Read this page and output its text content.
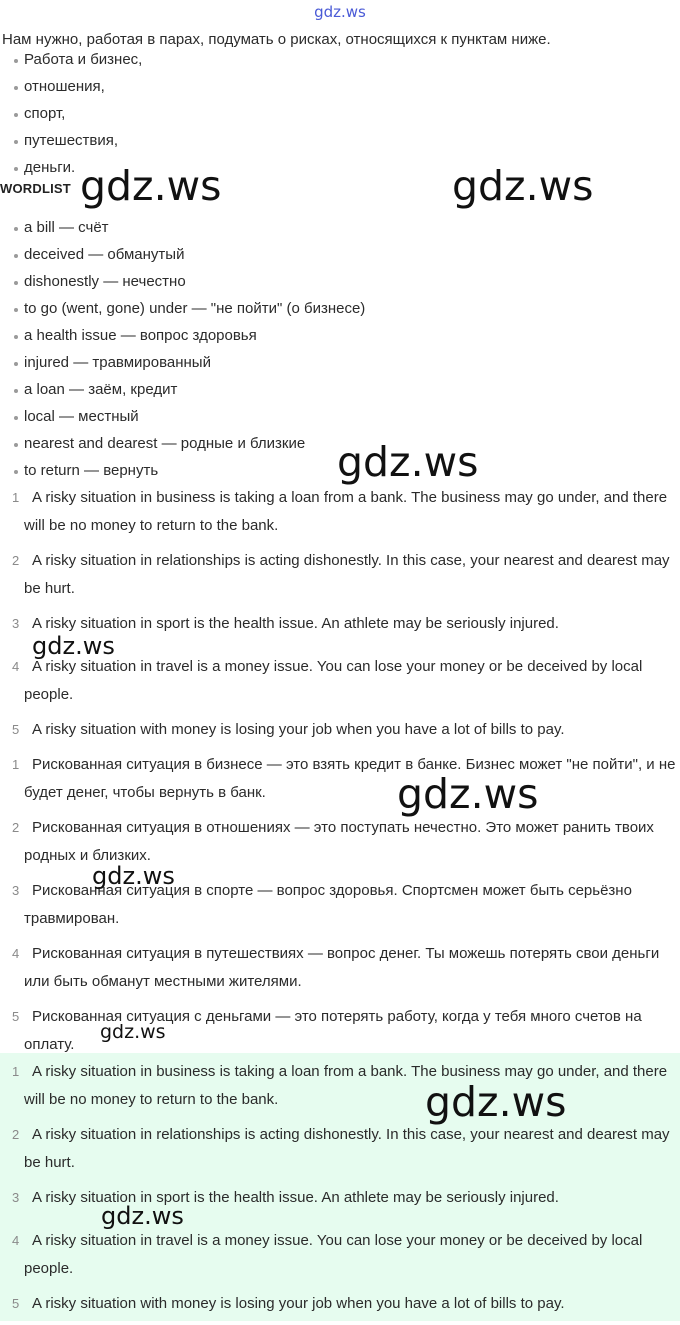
gdz.ws
Нам нужно, работая в парах, подумать о рисках, относящихся к пунктам ниже.
Работа и бизнес,
отношения,
спорт,
путешествия,
деньги.
WORDLIST
a bill — счёт
deceived — обманутый
dishonestly — нечестно
to go (went, gone) under — "не пойти" (о бизнесе)
a health issue — вопрос здоровья
injured — травмированный
a loan — заём, кредит
local — местный
nearest and dearest — родные и близкие
to return — вернуть
1 A risky situation in business is taking a loan from a bank. The business may go under, and there will be no money to return to the bank.
2 A risky situation in relationships is acting dishonestly. In this case, your nearest and dearest may be hurt.
3 A risky situation in sport is the health issue. An athlete may be seriously injured.
4 A risky situation in travel is a money issue. You can lose your money or be deceived by local people.
5 A risky situation with money is losing your job when you have a lot of bills to pay.
1 Рискованная ситуация в бизнесе — это взять кредит в банке. Бизнес может "не пойти", и не будет денег, чтобы вернуть в банк.
2 Рискованная ситуация в отношениях — это поступать нечестно. Это может ранить твоих родных и близких.
3 Рискованная ситуация в спорте — вопрос здоровья. Спортсмен может быть серьёзно травмирован.
4 Рискованная ситуация в путешествиях — вопрос денег. Ты можешь потерять свои деньги или быть обманут местными жителями.
5 Рискованная ситуация с деньгами — это потерять работу, когда у тебя много счетов на оплату.
1 A risky situation in business is taking a loan from a bank. The business may go under, and there will be no money to return to the bank.
2 A risky situation in relationships is acting dishonestly. In this case, your nearest and dearest may be hurt.
3 A risky situation in sport is the health issue. An athlete may be seriously injured.
4 A risky situation in travel is a money issue. You can lose your money or be deceived by local people.
5 A risky situation with money is losing your job when you have a lot of bills to pay.
gdz.ws	gdz.ws
gdz.ws
gdz.ws
gdz.ws
gdz.ws
gdz.ws
gdz.ws
gdz.ws
